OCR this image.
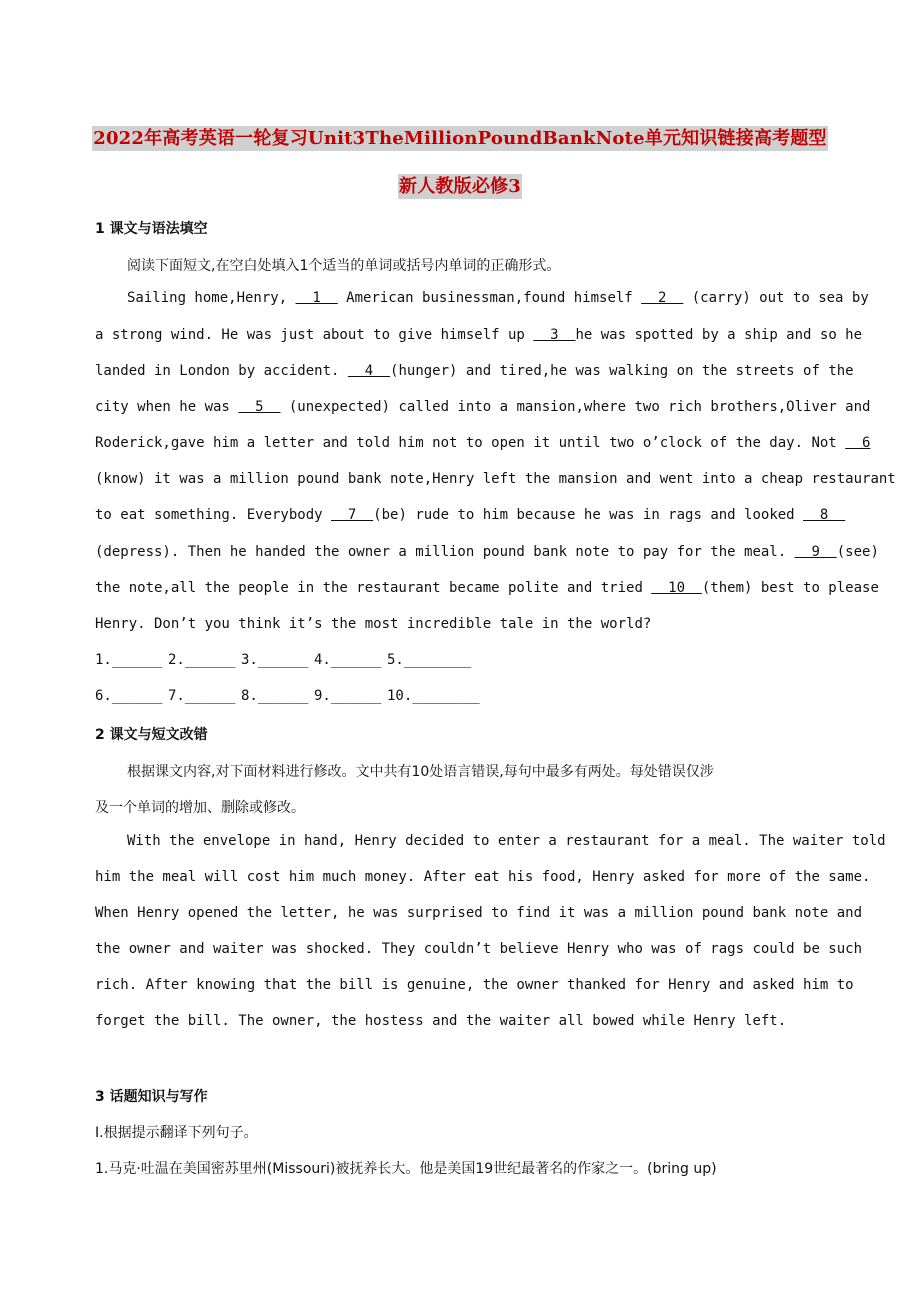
2022年高考英语一轮复习Unit3TheMillionPoundBankNote单元知识链接高考题型
新人教版必修3
1 课文与语法填空
阅读下面短文,在空白处填入1个适当的单词或括号内单词的正确形式。
Sailing home,Henry,   1   American businessman,found himself   2   (carry) out to sea by
a strong wind. He was just about to give himself up   3  he was spotted by a ship and so he
landed in London by accident.   4  (hunger) and tired,he was walking on the streets of the
city when he was   5   (unexpected) called into a mansion,where two rich brothers,Oliver and
Roderick,gave him a letter and told him not to open it until two o’clock of the day. Not   6
(know) it was a million pound bank note,Henry left the mansion and went into a cheap restaurant
to eat something. Everybody   7  (be) rude to him because he was in rags and looked   8
(depress). Then he handed the owner a million pound bank note to pay for the meal.   9  (see)
the note,all the people in the restaurant became polite and tried   10  (them) best to please
Henry. Don’t you think it’s the most incredible tale in the world?
1.______ 2.______ 3.______ 4.______ 5.________
6.______ 7.______ 8.______ 9.______ 10.________
2 课文与短文改错
根据课文内容,对下面材料进行修改。文中共有10处语言错误,每句中最多有两处。每处错误仅涉
及一个单词的增加、删除或修改。
With the envelope in hand, Henry decided to enter a restaurant for a meal. The waiter told
him the meal will cost him much money. After eat his food, Henry asked for more of the same.
When Henry opened the letter, he was surprised to find it was a million pound bank note and
the owner and waiter was shocked. They couldn’t believe Henry who was of rags could be such
rich. After knowing that the bill is genuine, the owner thanked for Henry and asked him to
forget the bill. The owner, the hostess and the waiter all bowed while Henry left.
3 话题知识与写作
Ⅰ.根据提示翻译下列句子。
1.马克·吐温在美国密苏里州(Missouri)被抚养长大。他是美国19世纪最著名的作家之一。(bring up)
